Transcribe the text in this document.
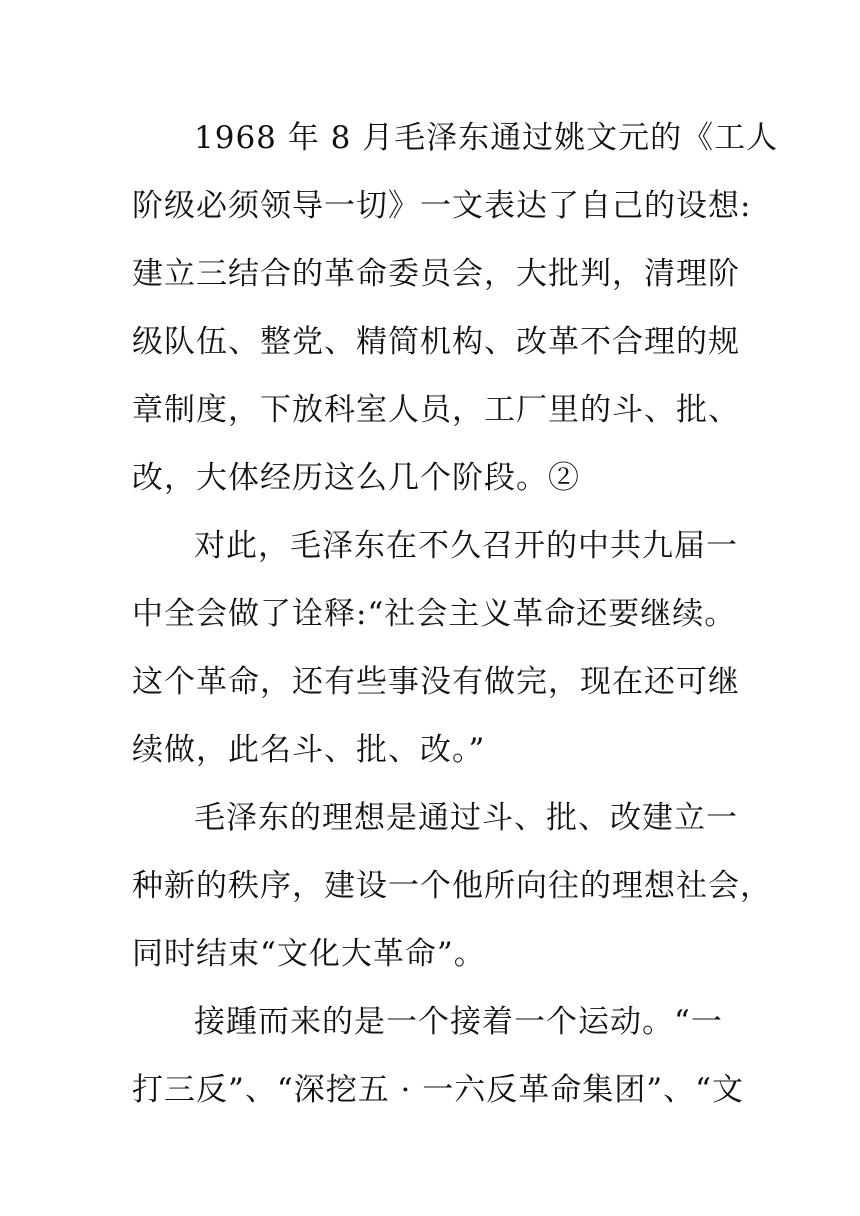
1968 年 8 月毛泽东通过姚文元的《工人
阶级必须领导一切》一文表达了自己的设想:
建立三结合的革命委员会，大批判，清理阶
级队伍、整党、精简机构、改革不合理的规
章制度，下放科室人员，工厂里的斗、批、
改，大体经历这么几个阶段。②
对此，毛泽东在不久召开的中共九届一
中全会做了诠释:“社会主义革命还要继续。
这个革命，还有些事没有做完，现在还可继
续做，此名斗、批、改。”
毛泽东的理想是通过斗、批、改建立一
种新的秩序，建设一个他所向往的理想社会，
同时结束“文化大革命”。
接踵而来的是一个接着一个运动。“一
打三反”、“深挖五 · 一六反革命集团”、“文
